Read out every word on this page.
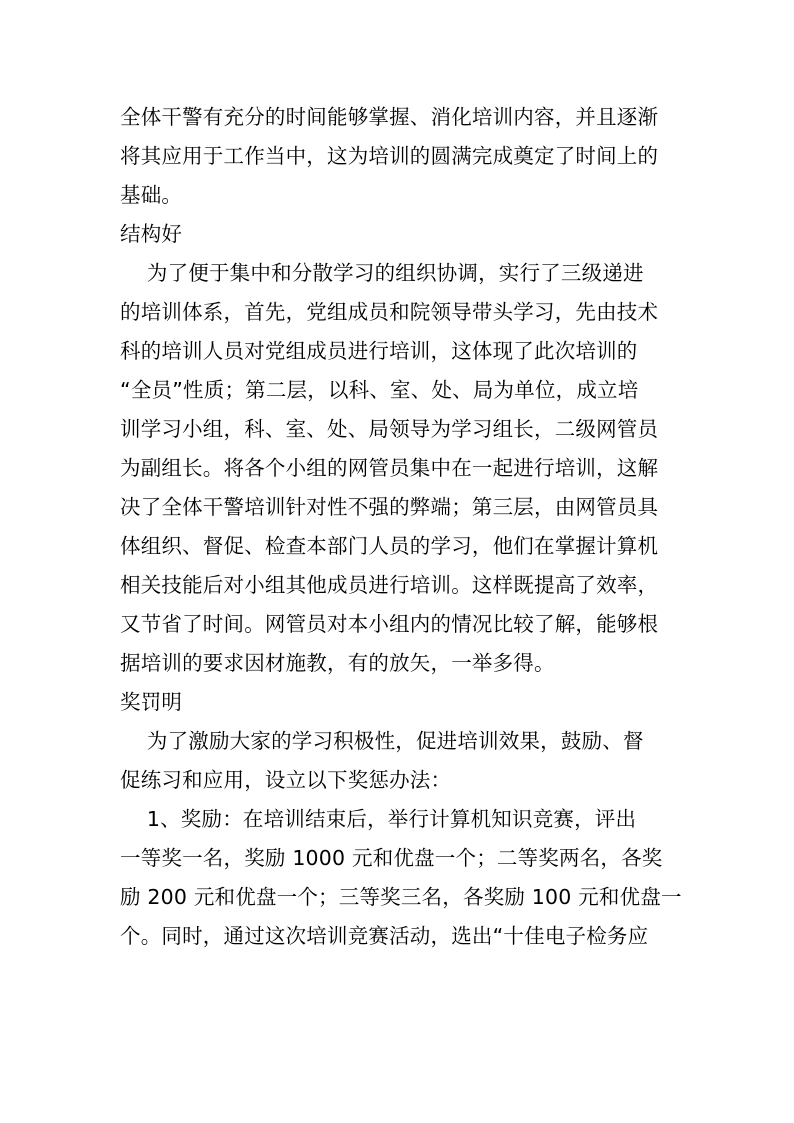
全体干警有充分的时间能够掌握、消化培训内容，并且逐渐
将其应用于工作当中，这为培训的圆满完成奠定了时间上的
基础。
结构好
为了便于集中和分散学习的组织协调，实行了三级递进
的培训体系，首先，党组成员和院领导带头学习，先由技术
科的培训人员对党组成员进行培训，这体现了此次培训的
“全员”性质；第二层，以科、室、处、局为单位，成立培
训学习小组，科、室、处、局领导为学习组长，二级网管员
为副组长。将各个小组的网管员集中在一起进行培训，这解
决了全体干警培训针对性不强的弊端；第三层，由网管员具
体组织、督促、检查本部门人员的学习，他们在掌握计算机
相关技能后对小组其他成员进行培训。这样既提高了效率，
又节省了时间。网管员对本小组内的情况比较了解，能够根
据培训的要求因材施教，有的放矢，一举多得。
奖罚明
为了激励大家的学习积极性，促进培训效果，鼓励、督
促练习和应用，设立以下奖惩办法：
1、奖励：在培训结束后，举行计算机知识竞赛，评出
一等奖一名，奖励 1000 元和优盘一个；二等奖两名，各奖
励 200 元和优盘一个；三等奖三名，各奖励 100 元和优盘一
个。同时，通过这次培训竞赛活动，选出“十佳电子检务应
